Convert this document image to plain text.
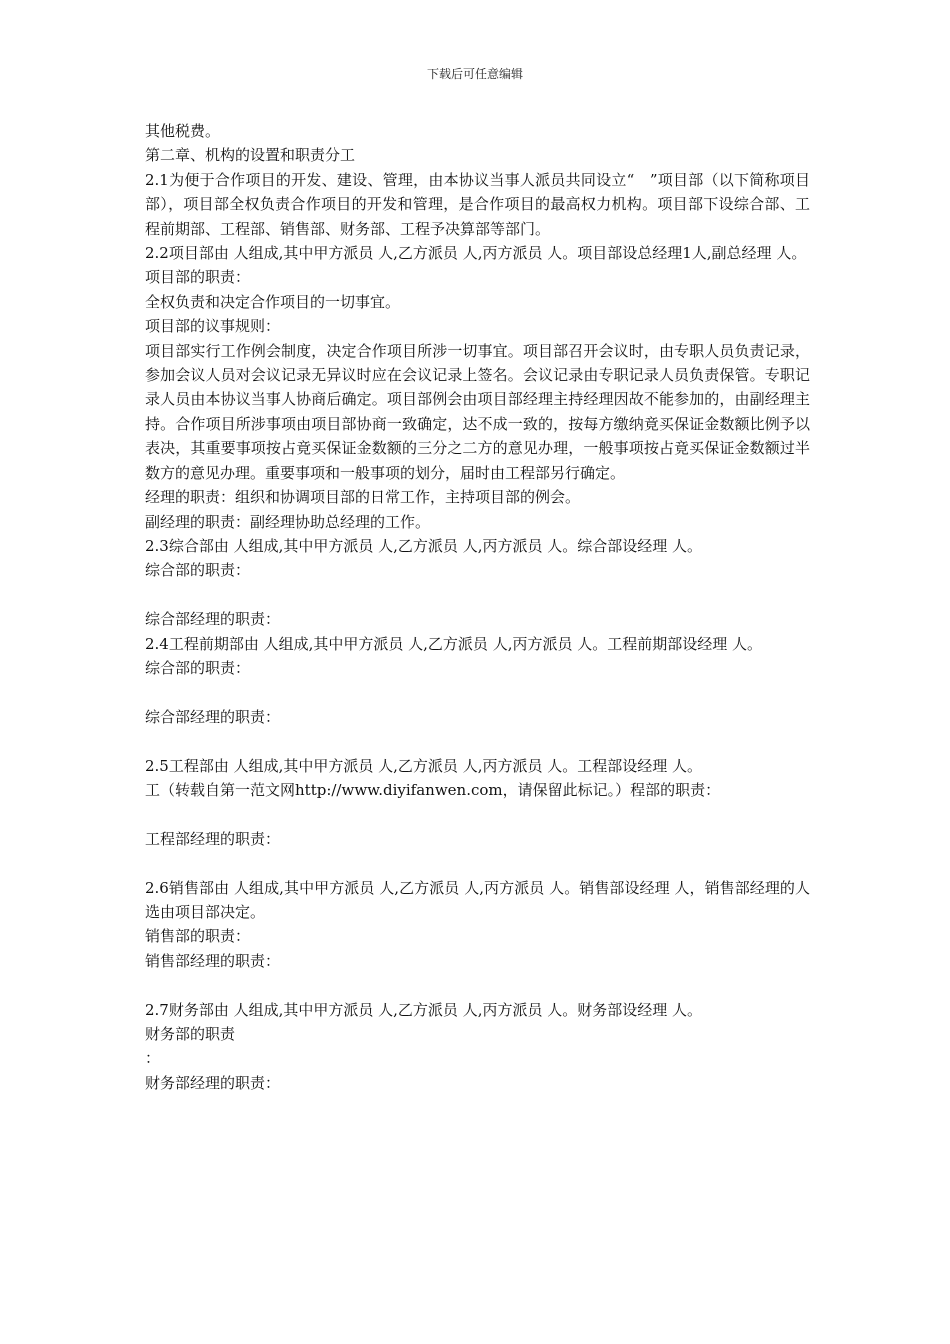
下载后可任意编辑

其他税费。

第二章、机构的设置和职责分工

2.1为便于合作项目的开发、建设、管理，由本协议当事人派员共同设立“　”项目部（以下简称项目部），项目部全权负责合作项目的开发和管理，是合作项目的最高权力机构。项目部下设综合部、工程前期部、工程部、销售部、财务部、工程予决算部等部门。

2.2项目部由 人组成,其中甲方派员 人,乙方派员 人,丙方派员 人。项目部设总经理1人,副总经理 人。

项目部的职责：

全权负责和决定合作项目的一切事宜。

项目部的议事规则：

项目部实行工作例会制度，决定合作项目所涉一切事宜。项目部召开会议时，由专职人员负责记录，参加会议人员对会议记录无异议时应在会议记录上签名。会议记录由专职记录人员负责保管。专职记录人员由本协议当事人协商后确定。项目部例会由项目部经理主持经理因故不能参加的，由副经理主持。合作项目所涉事项由项目部协商一致确定，达不成一致的，按每方缴纳竟买保证金数额比例予以表决，其重要事项按占竟买保证金数额的三分之二方的意见办理，一般事项按占竟买保证金数额过半数方的意见办理。重要事项和一般事项的划分，届时由工程部另行确定。

经理的职责：组织和协调项目部的日常工作，主持项目部的例会。

副经理的职责：副经理协助总经理的工作。

2.3综合部由 人组成,其中甲方派员 人,乙方派员 人,丙方派员 人。综合部设经理 人。

综合部的职责：

综合部经理的职责：

2.4工程前期部由 人组成,其中甲方派员 人,乙方派员 人,丙方派员 人。工程前期部设经理 人。

综合部的职责：

综合部经理的职责：

2.5工程部由 人组成,其中甲方派员 人,乙方派员 人,丙方派员 人。工程部设经理 人。

工（转载自第一范文网http://www.diyifanwen.com，请保留此标记。）程部的职责：

工程部经理的职责：

2.6销售部由 人组成,其中甲方派员 人,乙方派员 人,丙方派员 人。销售部设经理 人，销售部经理的人选由项目部决定。

销售部的职责：

销售部经理的职责：

2.7财务部由 人组成,其中甲方派员 人,乙方派员 人,丙方派员 人。财务部设经理 人。

财务部的职责

：

财务部经理的职责：
